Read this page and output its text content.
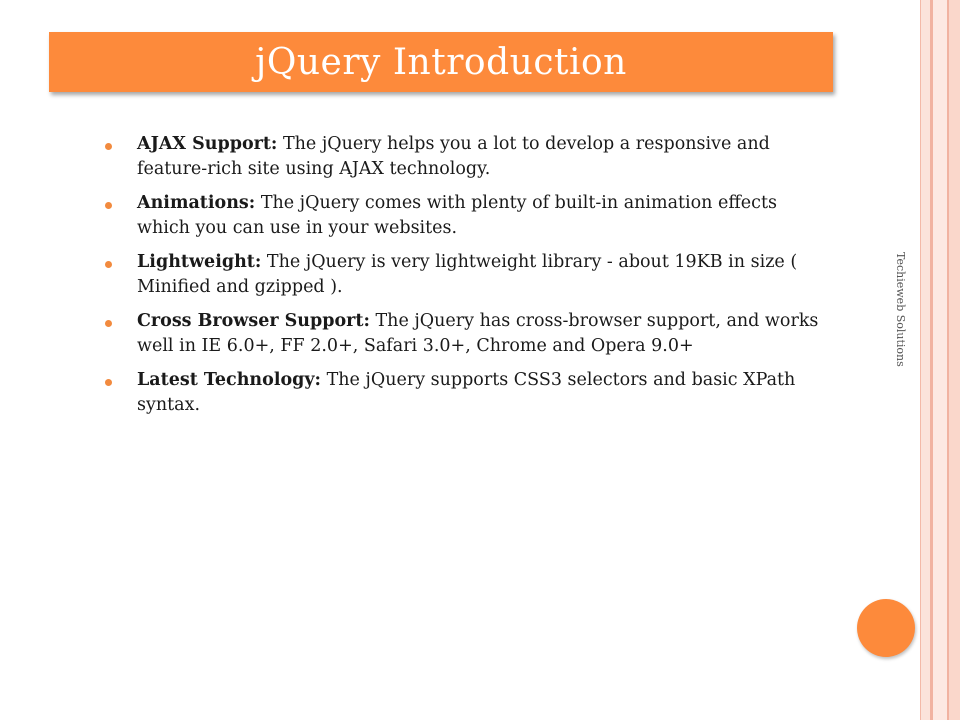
jQuery Introduction
AJAX Support: The jQuery helps you a lot to develop a responsive and feature-rich site using AJAX technology.
Animations: The jQuery comes with plenty of built-in animation effects which you can use in your websites.
Lightweight: The jQuery is very lightweight library - about 19KB in size ( Minified and gzipped ).
Cross Browser Support: The jQuery has cross-browser support, and works well in IE 6.0+, FF 2.0+, Safari 3.0+, Chrome and Opera 9.0+
Latest Technology: The jQuery supports CSS3 selectors and basic XPath syntax.
Techieweb Solutions
